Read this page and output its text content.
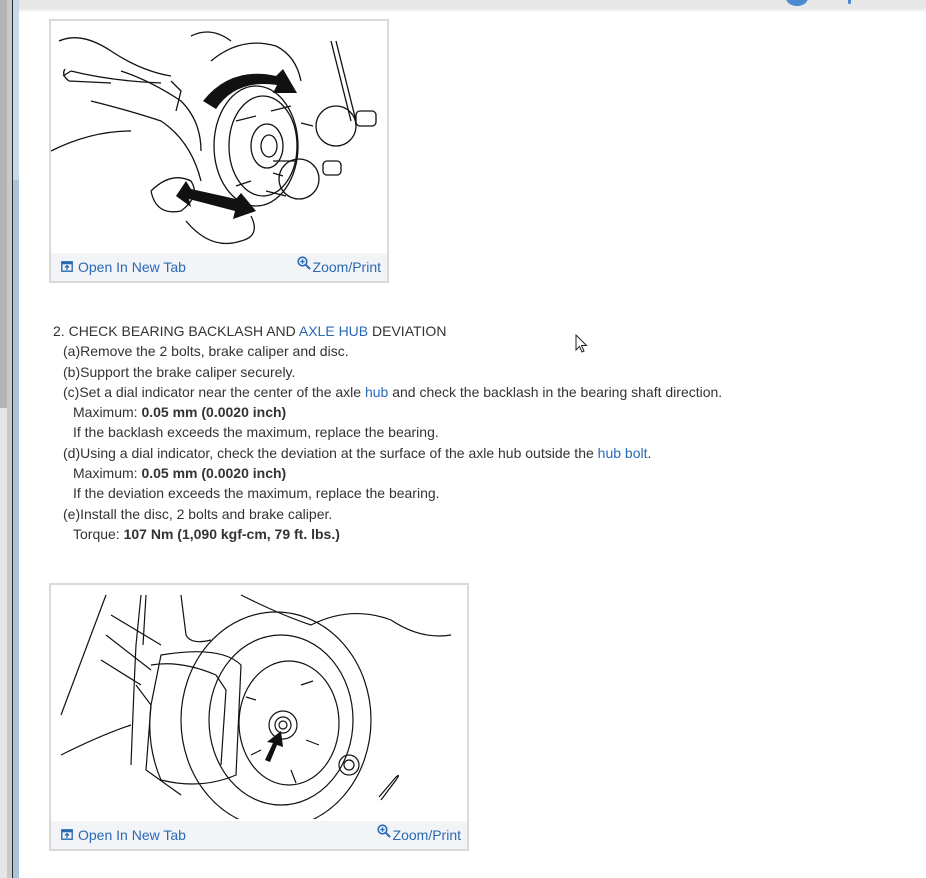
Open In New Tab	Zoom/Print
2. CHECK BEARING BACKLASH AND AXLE HUB DEVIATION
(a)Remove the 2 bolts, brake caliper and disc.
(b)Support the brake caliper securely.
(c)Set a dial indicator near the center of the axle hub and check the backlash in the bearing shaft direction.
Maximum: 0.05 mm (0.0020 inch)
If the backlash exceeds the maximum, replace the bearing.
(d)Using a dial indicator, check the deviation at the surface of the axle hub outside the hub bolt.
Maximum: 0.05 mm (0.0020 inch)
If the deviation exceeds the maximum, replace the bearing.
(e)Install the disc, 2 bolts and brake caliper.
Torque: 107 Nm (1,090 kgf-cm, 79 ft. lbs.)
Open In New Tab	Zoom/Print
